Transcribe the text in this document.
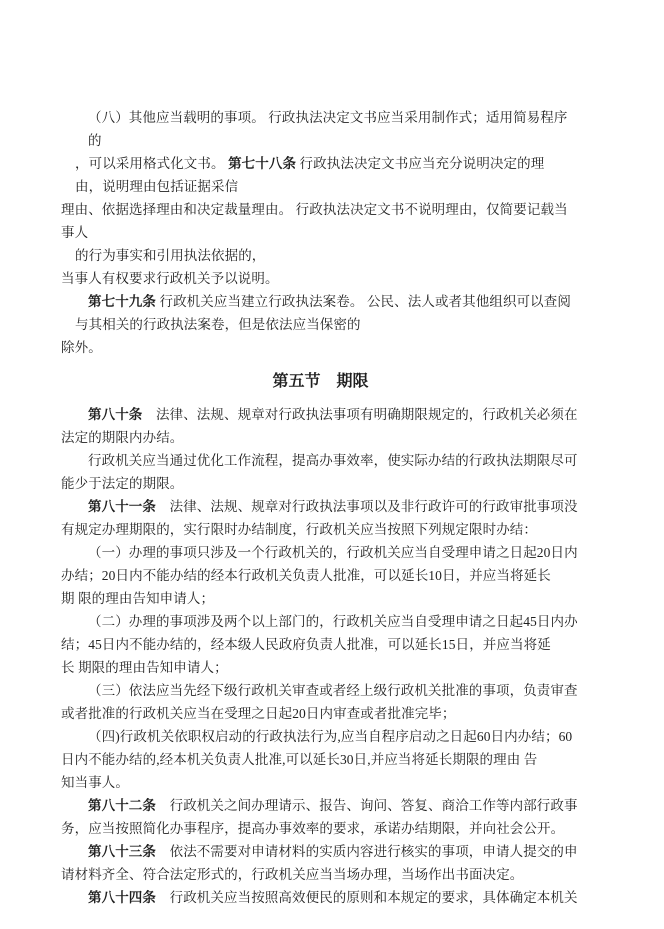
（八）其他应当载明的事项。 行政执法决定文书应当采用制作式；适用简易程序的
，可以采用格式化文书。 第七十八条 行政执法决定文书应当充分说明决定的理
由，说明理由包括证据采信
理由、依据选择理由和决定裁量理由。 行政执法决定文书不说明理由，仅简要记载当事人
的行为事实和引用执法依据的，
当事人有权要求行政机关予以说明。
第七十九条 行政机关应当建立行政执法案卷。 公民、法人或者其他组织可以查阅
与其相关的行政执法案卷，但是依法应当保密的
除外。
第五节　期限
第八十条　法律、法规、规章对行政执法事项有明确期限规定的，行政机关必须在
法定的期限内办结。
行政机关应当通过优化工作流程，提高办事效率，使实际办结的行政执法期限尽可
能少于法定的期限。
第八十一条　法律、法规、规章对行政执法事项以及非行政许可的行政审批事项没
有规定办理期限的，实行限时办结制度，行政机关应当按照下列规定限时办结：
（一）办理的事项只涉及一个行政机关的，行政机关应当自受理申请之日起20日内
办结；20日内不能办结的经本行政机关负责人批准，可以延长10日，并应当将延长
期 限的理由告知申请人；
（二）办理的事项涉及两个以上部门的，行政机关应当自受理申请之日起45日内办
结；45日内不能办结的，经本级人民政府负责人批准，可以延长15日，并应当将延
长 期限的理由告知申请人；
（三）依法应当先经下级行政机关审查或者经上级行政机关批准的事项，负责审查
或者批准的行政机关应当在受理之日起20日内审查或者批准完毕；
（四)行政机关依职权启动的行政执法行为,应当自程序启动之日起60日内办结；60
日内不能办结的,经本机关负责人批准,可以延长30日,并应当将延长期限的理由 告
知当事人。
第八十二条　行政机关之间办理请示、报告、询问、答复、商洽工作等内部行政事
务，应当按照简化办事程序，提高办事效率的要求，承诺办结期限，并向社会公开。
第八十三条　依法不需要对申请材料的实质内容进行核实的事项，申请人提交的申
请材料齐全、符合法定形式的，行政机关应当当场办理，当场作出书面决定。
第八十四条　行政机关应当按照高效便民的原则和本规定的要求，具体确定本机关
